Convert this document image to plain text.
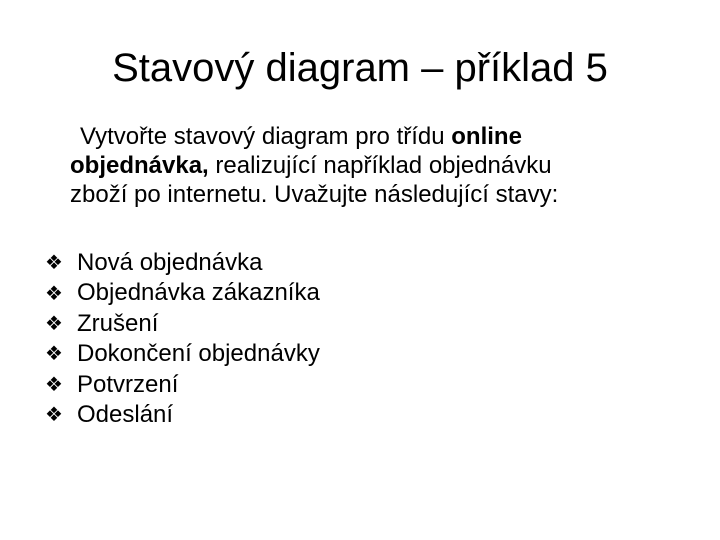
Stavový diagram – příklad 5

Vytvořte stavový diagram pro třídu online
objednávka, realizující například objednávku
zboží po internetu. Uvažujte následující stavy:

❖ Nová objednávka
❖ Objednávka zákazníka
❖ Zrušení
❖ Dokončení objednávky
❖ Potvrzení
❖ Odeslání
